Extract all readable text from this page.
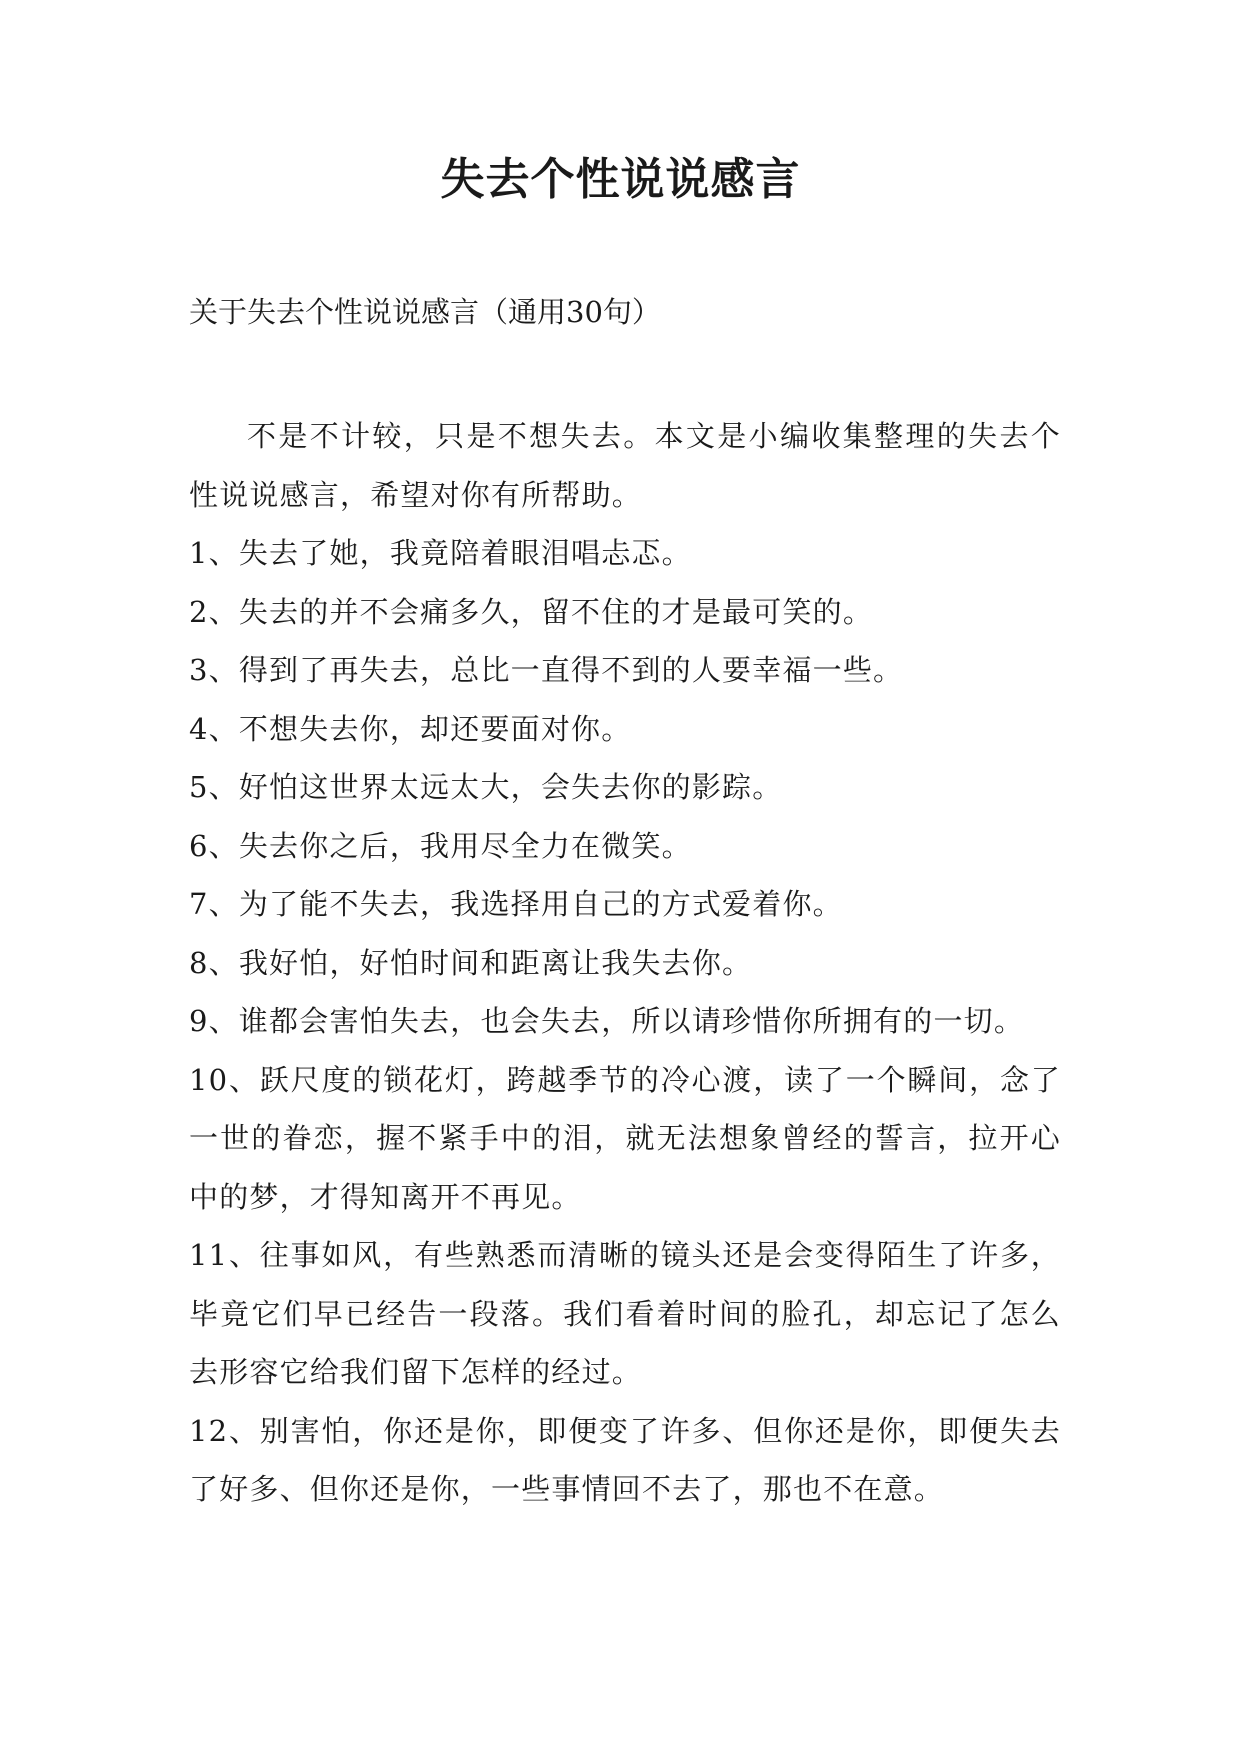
失去个性说说感言

关于失去个性说说感言（通用30句）

不是不计较，只是不想失去。本文是小编收集整理的失去个性说说感言，希望对你有所帮助。

1、失去了她，我竟陪着眼泪唱忐忑。

2、失去的并不会痛多久，留不住的才是最可笑的。

3、得到了再失去，总比一直得不到的人要幸福一些。

4、不想失去你，却还要面对你。

5、好怕这世界太远太大，会失去你的影踪。

6、失去你之后，我用尽全力在微笑。

7、为了能不失去，我选择用自己的方式爱着你。

8、我好怕，好怕时间和距离让我失去你。

9、谁都会害怕失去，也会失去，所以请珍惜你所拥有的一切。

10、跃尺度的锁花灯，跨越季节的冷心渡，读了一个瞬间，念了一世的眷恋，握不紧手中的泪，就无法想象曾经的誓言，拉开心中的梦，才得知离开不再见。

11、往事如风，有些熟悉而清晰的镜头还是会变得陌生了许多，毕竟它们早已经告一段落。我们看着时间的脸孔，却忘记了怎么去形容它给我们留下怎样的经过。

12、别害怕，你还是你，即便变了许多、但你还是你，即便失去了好多、但你还是你，一些事情回不去了，那也不在意。
